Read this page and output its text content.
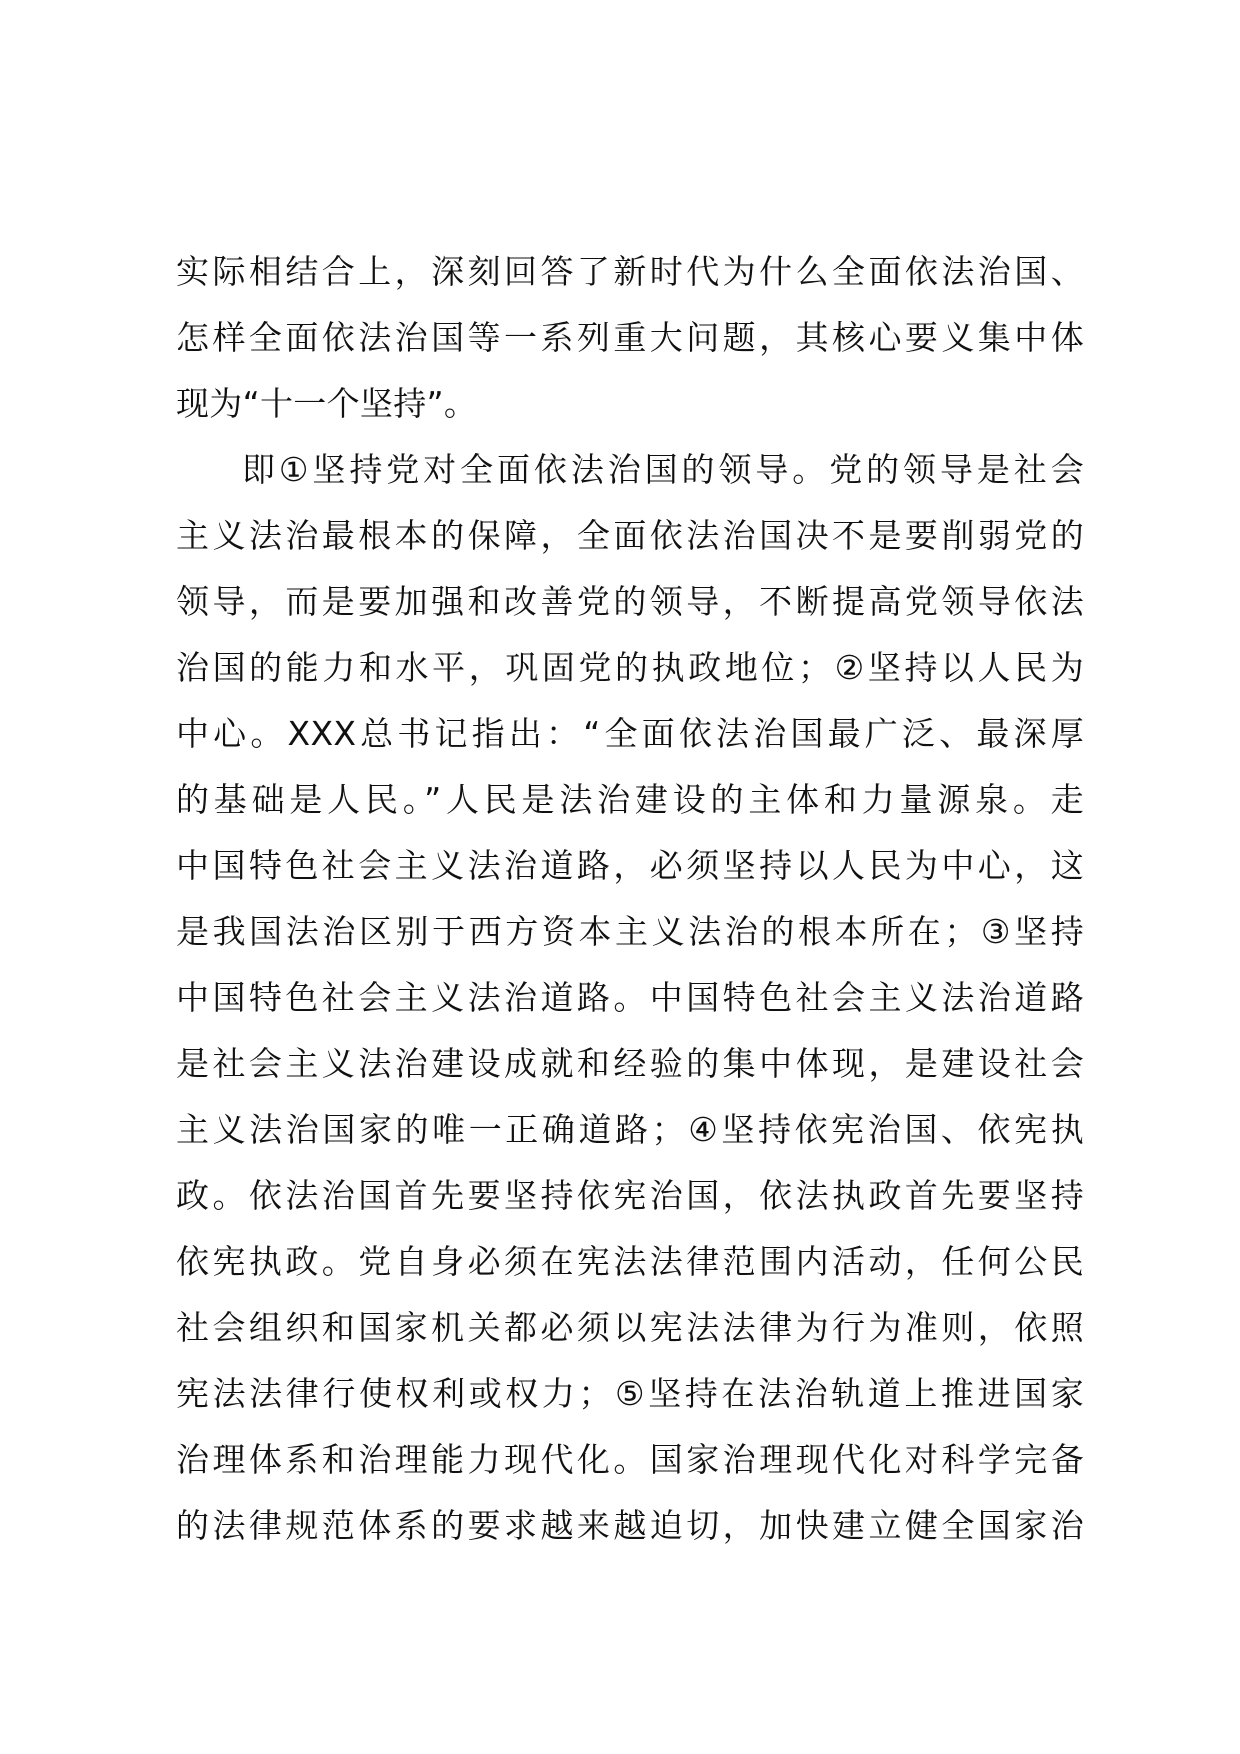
实际相结合上，深刻回答了新时代为什么全面依法治国、
怎样全面依法治国等一系列重大问题，其核心要义集中体
现为“十一个坚持”。
即①坚持党对全面依法治国的领导。党的领导是社会
主义法治最根本的保障，全面依法治国决不是要削弱党的
领导，而是要加强和改善党的领导，不断提高党领导依法
治国的能力和水平，巩固党的执政地位；②坚持以人民为
中心。XXX总书记指出：“全面依法治国最广泛、最深厚
的基础是人民。”人民是法治建设的主体和力量源泉。走
中国特色社会主义法治道路，必须坚持以人民为中心，这
是我国法治区别于西方资本主义法治的根本所在；③坚持
中国特色社会主义法治道路。中国特色社会主义法治道路
是社会主义法治建设成就和经验的集中体现，是建设社会
主义法治国家的唯一正确道路；④坚持依宪治国、依宪执
政。依法治国首先要坚持依宪治国，依法执政首先要坚持
依宪执政。党自身必须在宪法法律范围内活动，任何公民
社会组织和国家机关都必须以宪法法律为行为准则，依照
宪法法律行使权利或权力；⑤坚持在法治轨道上推进国家
治理体系和治理能力现代化。国家治理现代化对科学完备
的法律规范体系的要求越来越迫切，加快建立健全国家治
